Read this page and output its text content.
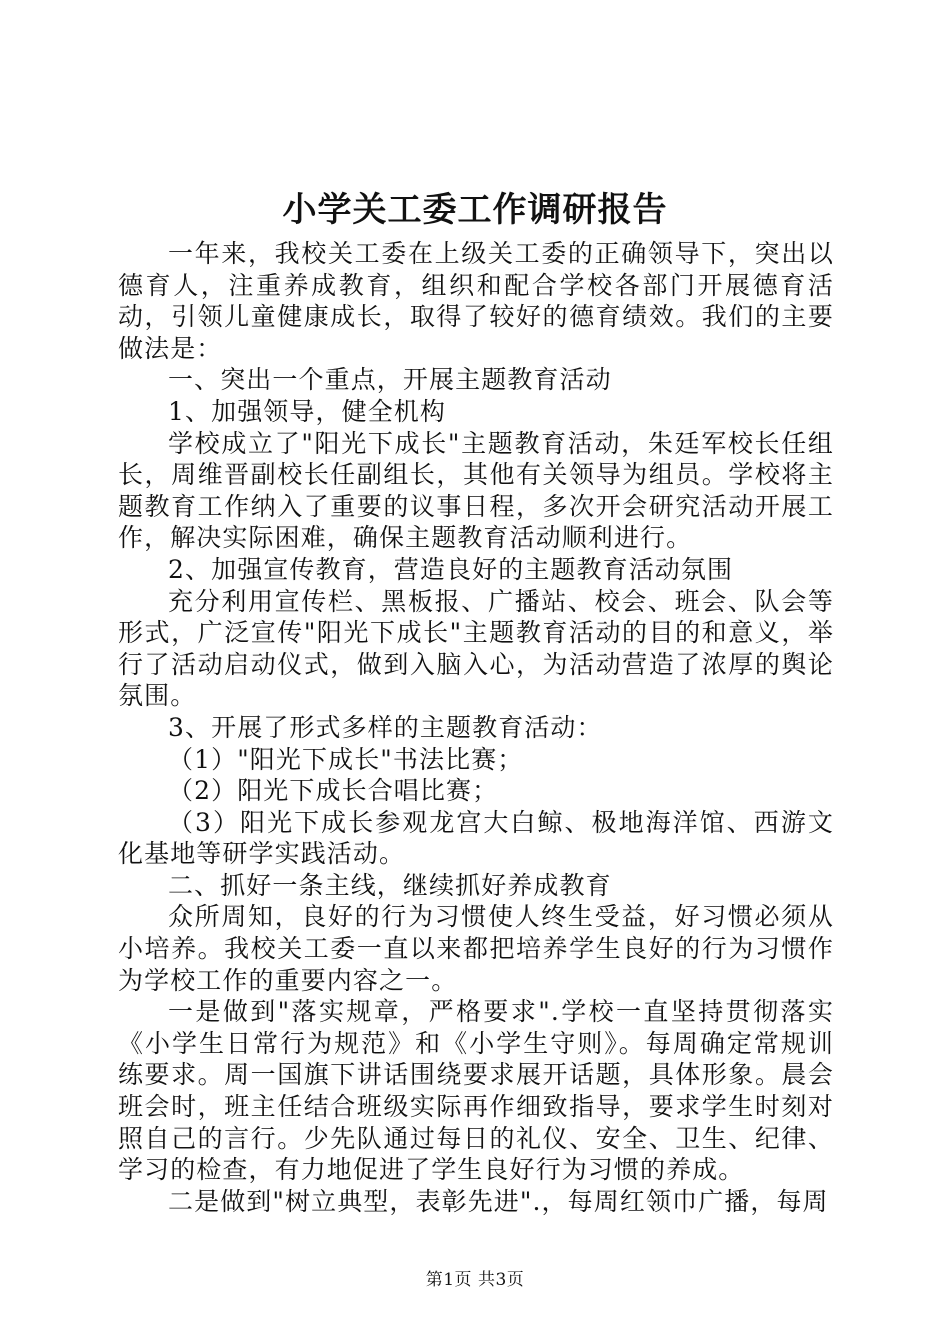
小学关工委工作调研报告

一年来，我校关工委在上级关工委的正确领导下，突出以德育人，注重养成教育，组织和配合学校各部门开展德育活动，引领儿童健康成长，取得了较好的德育绩效。我们的主要做法是：

一、突出一个重点，开展主题教育活动

1、加强领导，健全机构

学校成立了"阳光下成长"主题教育活动，朱廷军校长任组长，周维晋副校长任副组长，其他有关领导为组员。学校将主题教育工作纳入了重要的议事日程，多次开会研究活动开展工作，解决实际困难，确保主题教育活动顺利进行。

2、加强宣传教育，营造良好的主题教育活动氛围

充分利用宣传栏、黑板报、广播站、校会、班会、队会等形式，广泛宣传"阳光下成长"主题教育活动的目的和意义，举行了活动启动仪式，做到入脑入心，为活动营造了浓厚的舆论氛围。

3、开展了形式多样的主题教育活动：

（1）"阳光下成长"书法比赛；

（2）阳光下成长合唱比赛；

（3）阳光下成长参观龙宫大白鲸、极地海洋馆、西游文化基地等研学实践活动。

二、抓好一条主线，继续抓好养成教育

众所周知，良好的行为习惯使人终生受益，好习惯必须从小培养。我校关工委一直以来都把培养学生良好的行为习惯作为学校工作的重要内容之一。

一是做到"落实规章，严格要求".学校一直坚持贯彻落实《小学生日常行为规范》和《小学生守则》。每周确定常规训练要求。周一国旗下讲话围绕要求展开话题，具体形象。晨会班会时，班主任结合班级实际再作细致指导，要求学生时刻对照自己的言行。少先队通过每日的礼仪、安全、卫生、纪律、学习的检查，有力地促进了学生良好行为习惯的养成。

二是做到"树立典型，表彰先进".，每周红领巾广播，每周

第1页 共3页
